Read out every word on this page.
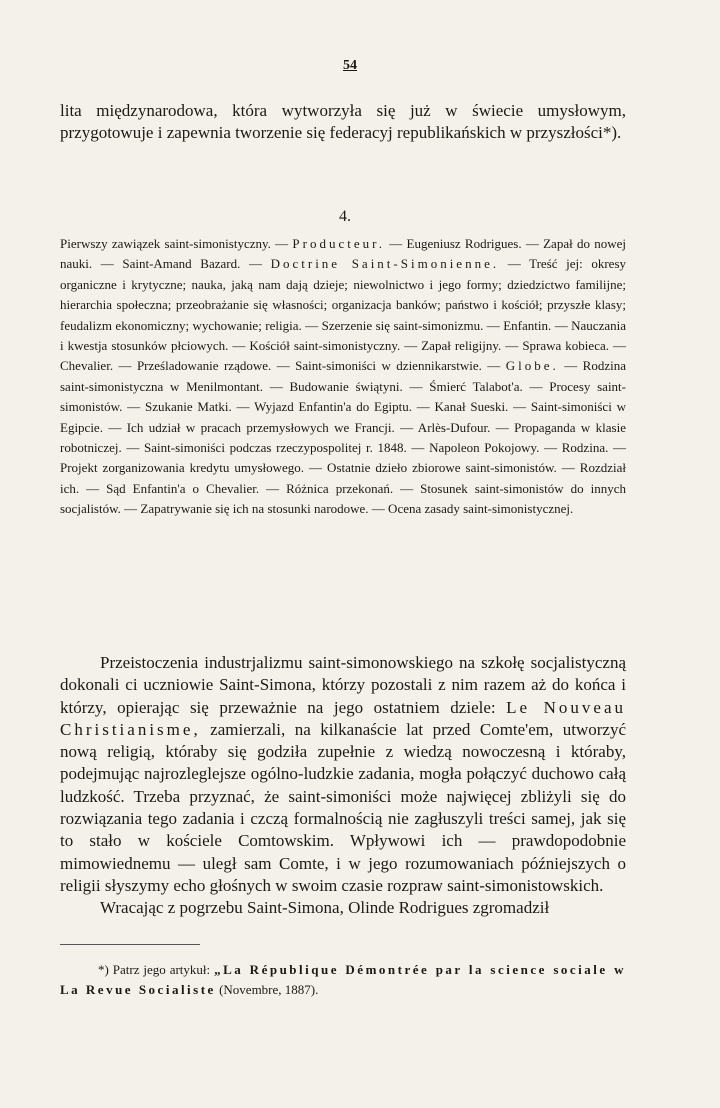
54

lita międzynarodowa, która wytworzyła się już w świecie umysłowym, przygotowuje i zapewnia tworzenie się federacyj republikańskich w przyszłości*).

4.

Pierwszy zawiązek saint-simonistyczny. — Producteur. — Eugeniusz Rodrigues. — Zapał do nowej nauki. — Saint-Amand Bazard. — Doctrine Saint-Simonienne. — Treść jej: okresy organiczne i krytyczne; nauka, jaką nam dają dzieje; niewolnictwo i jego formy; dziedzictwo familijne; hierarchia społeczna; przeobrażanie się własności; organizacja banków; państwo i kościół; przyszłe klasy; feudalizm ekonomiczny; wychowanie; religia. — Szerzenie się saint-simonizmu. — Enfantin. — Nauczania i kwestja stosunków płciowych. — Kościół saint-simonistyczny. — Zapał religijny. — Sprawa kobieca. — Chevalier. — Prześladowanie rządowe. — Saint-simoniści w dziennikarstwie. — Globe. — Rodzina saint-simonistyczna w Menilmontant. — Budowanie świątyni. — Śmierć Talabot'a. — Procesy saint-simonistów. — Szukanie Matki. — Wyjazd Enfantin'a do Egiptu. — Kanał Sueski. — Saint-simoniści w Egipcie. — Ich udział w pracach przemysłowych we Francji. — Arlès-Dufour. — Propaganda w klasie robotniczej. — Saint-simoniści podczas rzeczypospolitej r. 1848. — Napoleon Pokojowy. — Rodzina. — Projekt zorganizowania kredytu umysłowego. — Ostatnie dzieło zbiorowe saint-simonistów. — Rozdział ich. — Sąd Enfantin'a o Chevalier. — Różnica przekonań. — Stosunek saint-simonistów do innych socjalistów. — Zapatrywanie się ich na stosunki narodowe. — Ocena zasady saint-simonistycznej.

Przeistoczenia industrjalizmu saint-simonowskiego na szkołę socjalistyczną dokonali ci uczniowie Saint-Simona, którzy pozostali z nim razem aż do końca i którzy, opierając się przeważnie na jego ostatniem dziele: Le Nouveau Christianisme, zamierzali, na kilkanaście lat przed Comte'em, utworzyć nową religią, któraby się godziła zupełnie z wiedzą nowoczesną i któraby, podejmując najrozleglejsze ogólno-ludzkie zadania, mogła połączyć duchowo całą ludzkość. Trzeba przyznać, że saint-simoniści może najwięcej zbliżyli się do rozwiązania tego zadania i czczą formalnością nie zagłuszyli treści samej, jak się to stało w kościele Comtowskim. Wpływowi ich — prawdopodobnie mimowiednemu — uległ sam Comte, i w jego rozumowaniach późniejszych o religii słyszymy echo głośnych w swoim czasie rozpraw saint-simonistowskich.

Wracając z pogrzebu Saint-Simona, Olinde Rodrigues zgromadził

*) Patrz jego artykuł: „La République Démontrée par la science sociale w La Revue Socialiste (Novembre, 1887).
